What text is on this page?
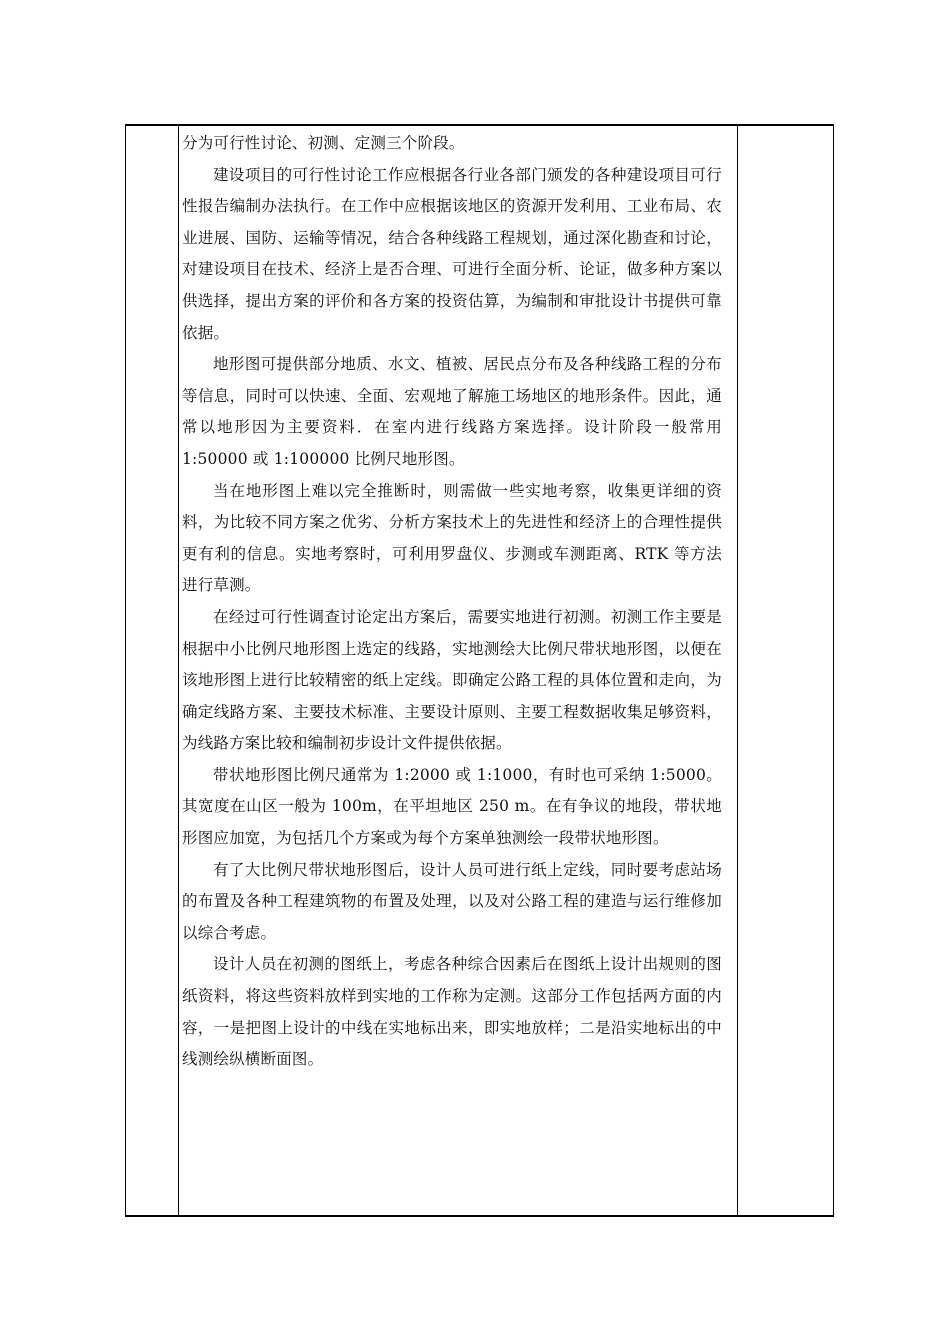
分为可行性讨论、初测、定测三个阶段。

建设项目的可行性讨论工作应根据各行业各部门颁发的各种建设项目可行性报告编制办法执行。在工作中应根据该地区的资源开发利用、工业布局、农业进展、国防、运输等情况，结合各种线路工程规划，通过深化勘查和讨论，对建设项目在技术、经济上是否合理、可进行全面分析、论证，做多种方案以供选择，提出方案的评价和各方案的投资估算，为编制和审批设计书提供可靠依据。

地形图可提供部分地质、水文、植被、居民点分布及各种线路工程的分布等信息，同时可以快速、全面、宏观地了解施工场地区的地形条件。因此，通常以地形因为主要资料．在室内进行线路方案选择。设计阶段一般常用 1:50000 或 1:100000 比例尺地形图。

当在地形图上难以完全推断时，则需做一些实地考察，收集更详细的资料，为比较不同方案之优劣、分析方案技术上的先进性和经济上的合理性提供更有利的信息。实地考察时，可利用罗盘仪、步测或车测距离、RTK 等方法进行草测。

在经过可行性调查讨论定出方案后，需要实地进行初测。初测工作主要是根据中小比例尺地形图上选定的线路，实地测绘大比例尺带状地形图，以便在该地形图上进行比较精密的纸上定线。即确定公路工程的具体位置和走向，为确定线路方案、主要技术标准、主要设计原则、主要工程数据收集足够资料，为线路方案比较和编制初步设计文件提供依据。

带状地形图比例尺通常为 1:2000 或 1:1000，有时也可采纳 1:5000。其宽度在山区一般为 100m，在平坦地区 250 m。在有争议的地段，带状地形图应加宽，为包括几个方案或为每个方案单独测绘一段带状地形图。

有了大比例尺带状地形图后，设计人员可进行纸上定线，同时要考虑站场的布置及各种工程建筑物的布置及处理，以及对公路工程的建造与运行维修加以综合考虑。

设计人员在初测的图纸上，考虑各种综合因素后在图纸上设计出规则的图纸资料，将这些资料放样到实地的工作称为定测。这部分工作包括两方面的内容，一是把图上设计的中线在实地标出来，即实地放样；二是沿实地标出的中线测绘纵横断面图。
